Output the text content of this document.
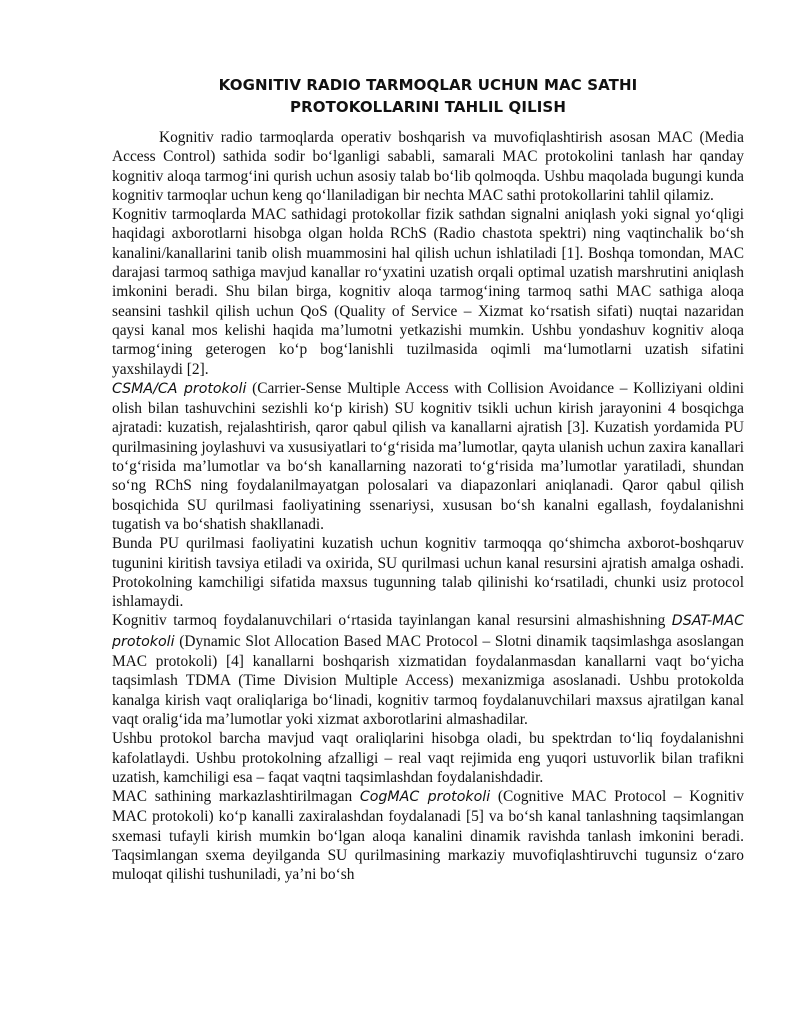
KOGNITIV RADIO TARMOQLAR UCHUN MAC SATHI
PROTOKOLLARINI TAHLIL QILISH

Kognitiv radio tarmoqlarda operativ boshqarish va muvofiqlashtirish asosan MAC (Media Access Control) sathida sodir bo‘lganligi sababli, samarali MAC protokolini tanlash har qanday kognitiv aloqa tarmog‘ini qurish uchun asosiy talab bo‘lib qolmoqda. Ushbu maqolada bugungi kunda kognitiv tarmoqlar uchun keng qo‘llaniladigan bir nechta MAC sathi protokollarini tahlil qilamiz.

Kognitiv tarmoqlarda MAC sathidagi protokollar fizik sathdan signalni aniqlash yoki signal yo‘qligi haqidagi axborotlarni hisobga olgan holda RChS (Radio chastota spektri) ning vaqtinchalik bo‘sh kanalini/kanallarini tanib olish muammosini hal qilish uchun ishlatiladi [1]. Boshqa tomondan, MAC darajasi tarmoq sathiga mavjud kanallar ro‘yxatini uzatish orqali optimal uzatish marshrutini aniqlash imkonini beradi. Shu bilan birga, kognitiv aloqa tarmog‘ining tarmoq sathi MAC sathiga aloqa seansini tashkil qilish uchun QoS (Quality of Service – Xizmat ko‘rsatish sifati) nuqtai nazaridan qaysi kanal mos kelishi haqida ma’lumotni yetkazishi mumkin. Ushbu yondashuv kognitiv aloqa tarmog‘ining geterogen ko‘p bog‘lanishli tuzilmasida oqimli ma‘lumotlarni uzatish sifatini yaxshilaydi [2].

CSMA/CA protokoli (Carrier-Sense Multiple Access with Collision Avoidance – Kolliziyani oldini olish bilan tashuvchini sezishli ko‘p kirish) SU kognitiv tsikli uchun kirish jarayonini 4 bosqichga ajratadi: kuzatish, rejalashtirish, qaror qabul qilish va kanallarni ajratish [3]. Kuzatish yordamida PU qurilmasining joylashuvi va xususiyatlari to‘g‘risida ma’lumotlar, qayta ulanish uchun zaxira kanallari to‘g‘risida ma’lumotlar va bo‘sh kanallarning nazorati to‘g‘risida ma’lumotlar yaratiladi, shundan so‘ng RChS ning foydalanilmayatgan polosalari va diapazonlari aniqlanadi. Qaror qabul qilish bosqichida SU qurilmasi faoliyatining ssenariysi, xususan bo‘sh kanalni egallash, foydalanishni tugatish va bo‘shatish shakllanadi.

Bunda PU qurilmasi faoliyatini kuzatish uchun kognitiv tarmoqqa qo‘shimcha axborot-boshqaruv tugunini kiritish tavsiya etiladi va oxirida, SU qurilmasi uchun kanal resursini ajratish amalga oshadi. Protokolning kamchiligi sifatida maxsus tugunning talab qilinishi ko‘rsatiladi, chunki usiz protocol ishlamaydi.

Kognitiv tarmoq foydalanuvchilari o‘rtasida tayinlangan kanal resursini almashishning DSAT-MAC protokoli (Dynamic Slot Allocation Based MAC Protocol – Slotni dinamik taqsimlashga asoslangan MAC protokoli) [4] kanallarni boshqarish xizmatidan foydalanmasdan kanallarni vaqt bo‘yicha taqsimlash TDMA (Time Division Multiple Access) mexanizmiga asoslanadi. Ushbu protokolda kanalga kirish vaqt oraliqlariga bo‘linadi, kognitiv tarmoq foydalanuvchilari maxsus ajratilgan kanal vaqt oralig‘ida ma’lumotlar yoki xizmat axborotlarini almashadilar.

Ushbu protokol barcha mavjud vaqt oraliqlarini hisobga oladi, bu spektrdan to‘liq foydalanishni kafolatlaydi. Ushbu protokolning afzalligi – real vaqt rejimida eng yuqori ustuvorlik bilan trafikni uzatish, kamchiligi esa – faqat vaqtni taqsimlashdan foydalanishdadir.

MAC sathining markazlashtirilmagan CogMAC protokoli (Cognitive MAC Protocol – Kognitiv MAC protokoli) ko‘p kanalli zaxiralashdan foydalanadi [5] va bo‘sh kanal tanlashning taqsimlangan sxemasi tufayli kirish mumkin bo‘lgan aloqa kanalini dinamik ravishda tanlash imkonini beradi. Taqsimlangan sxema deyilganda SU qurilmasining markaziy muvofiqlashtiruvchi tugunsiz o‘zaro muloqat qilishi tushuniladi, ya’ni bo‘sh
